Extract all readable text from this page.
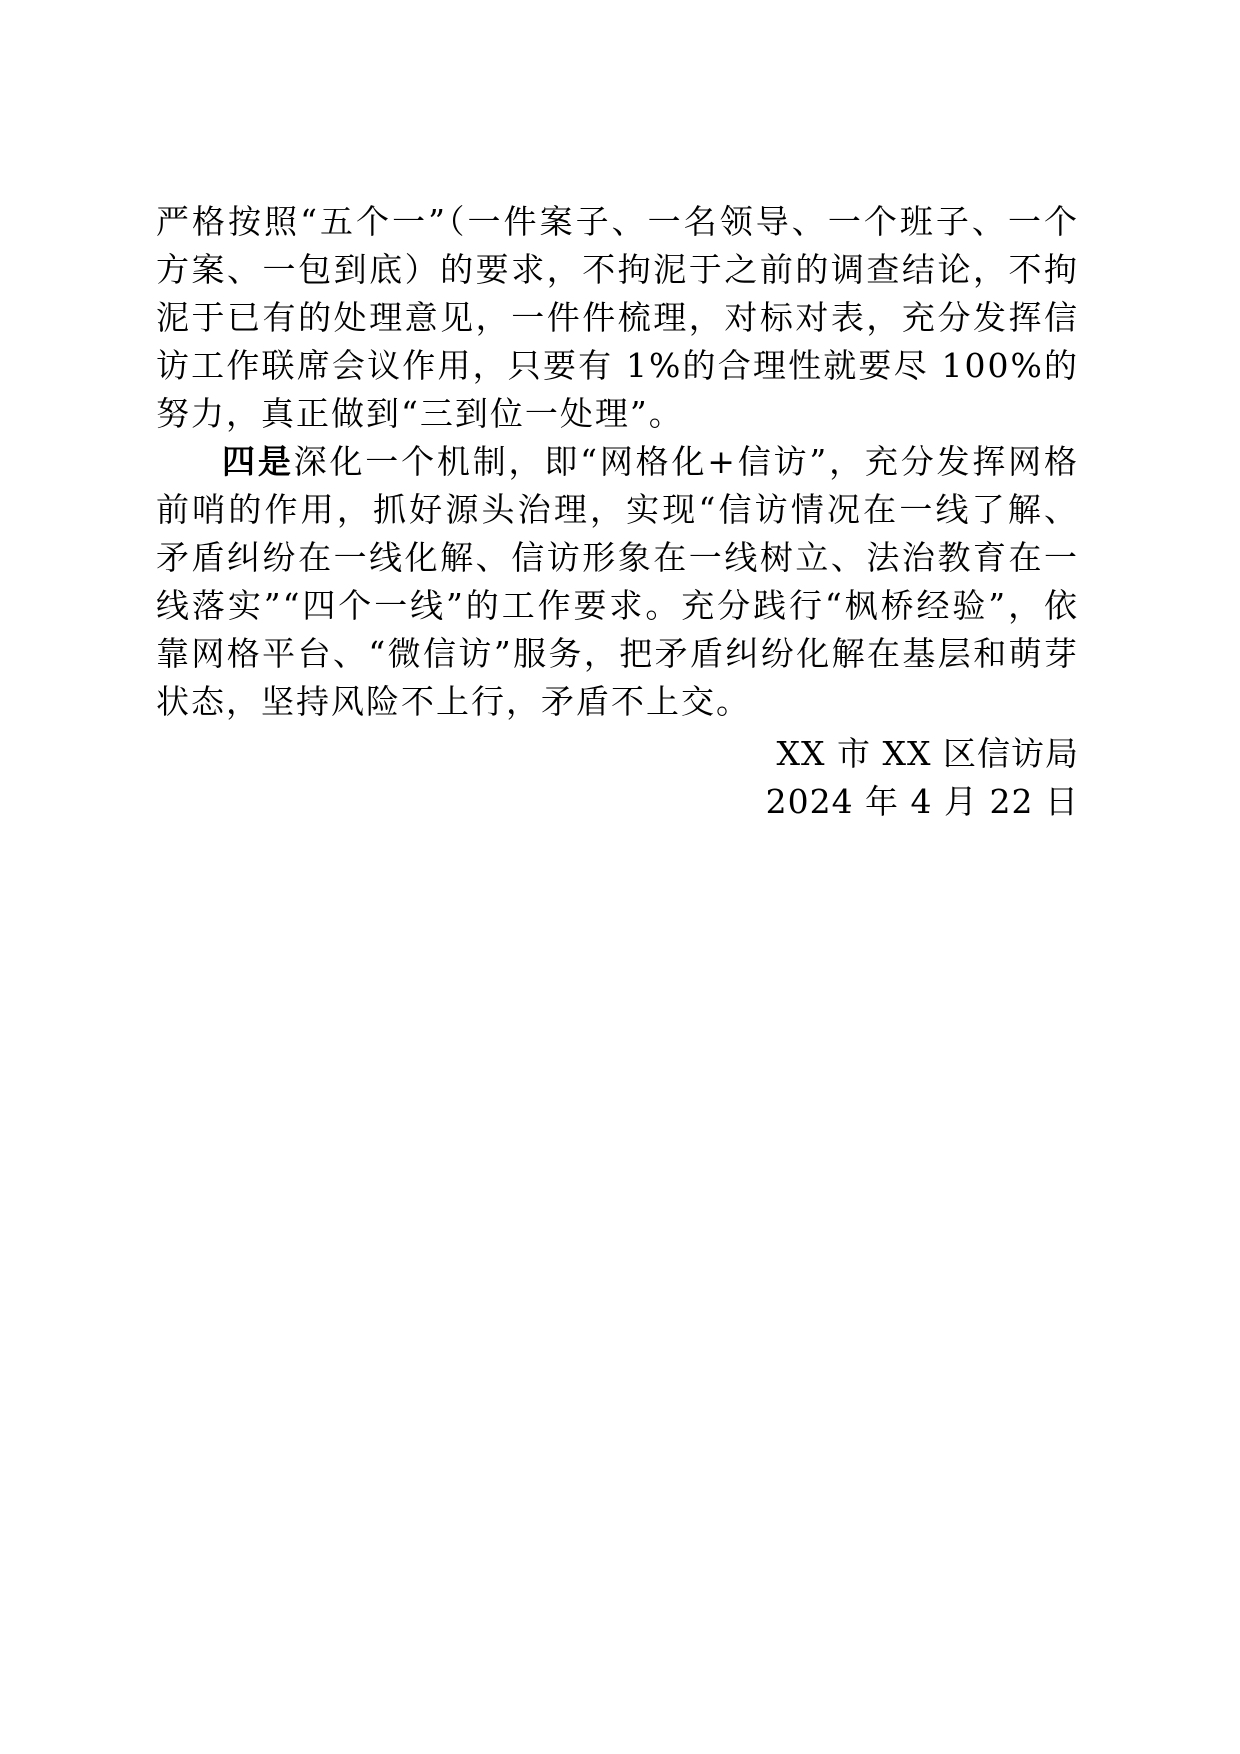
严格按照“五个一”（一件案子、一名领导、一个班子、一个方案、一包到底）的要求，不拘泥于之前的调查结论，不拘泥于已有的处理意见，一件件梳理，对标对表，充分发挥信访工作联席会议作用，只要有 1%的合理性就要尽 100%的努力，真正做到“三到位一处理”。

四是深化一个机制，即“网格化+信访”，充分发挥网格前哨的作用，抓好源头治理，实现“信访情况在一线了解、矛盾纠纷在一线化解、信访形象在一线树立、法治教育在一线落实”“四个一线”的工作要求。充分践行“枫桥经验”，依靠网格平台、“微信访”服务，把矛盾纠纷化解在基层和萌芽状态，坚持风险不上行，矛盾不上交。

XX 市 XX 区信访局
2024 年 4 月 22 日
